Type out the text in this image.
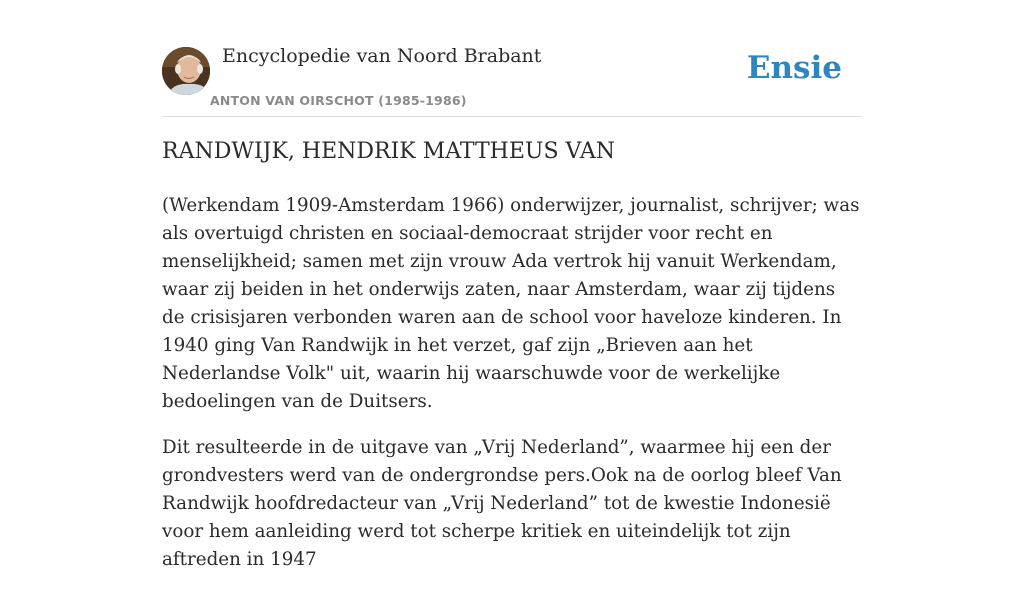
Encyclopedie van Noord Brabant
ANTON VAN OIRSCHOT (1985-1986)
Ensie
RANDWIJK, HENDRIK MATTHEUS VAN

(Werkendam 1909-Amsterdam 1966) onderwijzer, journalist, schrijver; was als overtuigd christen en sociaal-democraat strijder voor recht en menselijkheid; samen met zijn vrouw Ada vertrok hij vanuit Werkendam, waar zij beiden in het onderwijs zaten, naar Amsterdam, waar zij tijdens de crisisjaren verbonden waren aan de school voor haveloze kinderen. In 1940 ging Van Randwijk in het verzet, gaf zijn „Brieven aan het Nederlandse Volk" uit, waarin hij waarschuwde voor de werkelijke bedoelingen van de Duitsers.

Dit resulteerde in de uitgave van „Vrij Nederland”, waarmee hij een der grondvesters werd van de ondergrondse pers.Ook na de oorlog bleef Van Randwijk hoofdredacteur van „Vrij Nederland” tot de kwestie Indonesië voor hem aanleiding werd tot scherpe kritiek en uiteindelijk tot zijn aftreden in 1947
